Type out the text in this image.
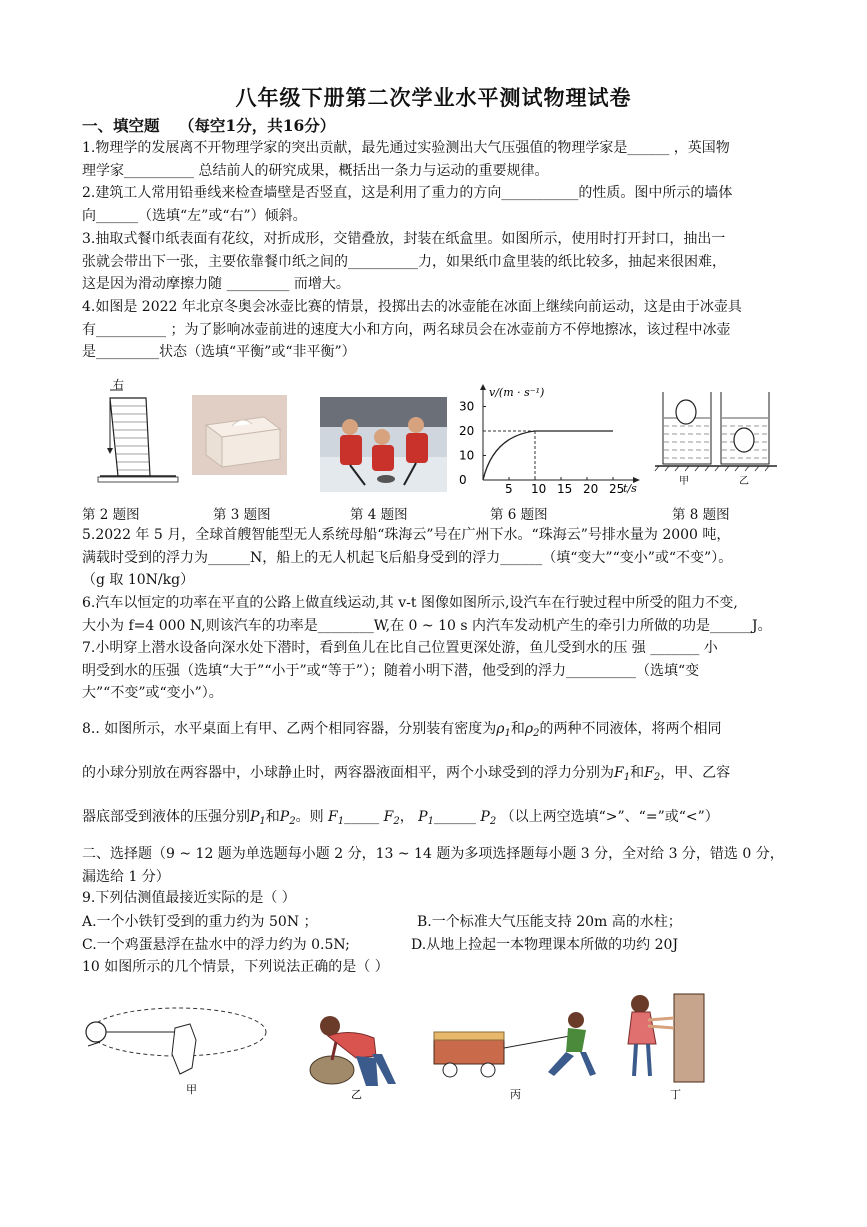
八年级下册第二次学业水平测试物理试卷
一、填空题 （每空1分，共16分）
1.物理学的发展离不开物理学家的突出贡献，最先通过实验测出大气压强值的物理学家是______ ，英国物
理学家__________ 总结前人的研究成果，概括出一条力与运动的重要规律。
2.建筑工人常用铅垂线来检查墙壁是否竖直，这是利用了重力的方向___________的性质。图中所示的墙体
向______（选填“左”或“右”）倾斜。
3.抽取式餐巾纸表面有花纹，对折成形，交错叠放，封装在纸盒里。如图所示，使用时打开封口，抽出一
张就会带出下一张，主要依靠餐巾纸之间的__________力，如果纸巾盒里装的纸比较多，抽起来很困难，
这是因为滑动摩擦力随 _________ 而增大。
4.如图是 2022 年北京冬奥会冰壶比赛的情景，投掷出去的冰壶能在冰面上继续向前运动，这是由于冰壶具
有__________ ；为了影响冰壶前进的速度大小和方向，两名球员会在冰壶前方不停地擦冰，该过程中冰壶
是_________状态（选填“平衡”或“非平衡”）
右
v/(m · s⁻¹)
t/s
30
20
10
0
5 10 15 20 25
甲	乙
第 2 题图	第 3 题图	第 4 题图	第 6 题图	第 8 题图
5.2022 年 5 月，全球首艘智能型无人系统母船“珠海云”号在广州下水。“珠海云”号排水量为 2000 吨，
满载时受到的浮力为______N，船上的无人机起飞后船身受到的浮力______（填“变大”“变小”或“不变”）。
（g 取 10N/kg）
6.汽车以恒定的功率在平直的公路上做直线运动,其 v-t 图像如图所示,设汽车在行驶过程中所受的阻力不变,
大小为 f=4 000 N,则该汽车的功率是________W,在 0 ~ 10 s 内汽车发动机产生的牵引力所做的功是______J。
7.小明穿上潜水设备向深水处下潜时，看到鱼儿在比自己位置更深处游，鱼儿受到水的压 强 _______ 小
明受到水的压强（选填“大于”“小于”或“等于”）；随着小明下潜，他受到的浮力__________（选填“变
大”“不变”或“变小”）。
8.. 如图所示，水平桌面上有甲、乙两个相同容器，分别装有密度为$\rho_1$和$\rho_2$的两种不同液体，将两个相同
的小球分别放在两容器中，小球静止时，两容器液面相平，两个小球受到的浮力分别为$F_1$和$F_2$，甲、乙容
器底部受到液体的压强分别$P_1$和$P_2$。则 $F_1\_\_\_\_\_$ $F_2$， $P_1\_\_\_\_\_\_$ $P_2$ （以上两空选填“>”、“=”或“<”）
二、选择题（9 ~ 12 题为单选题每小题 2 分，13 ~ 14 题为多项选择题每小题 3 分，全对给 3 分，错选 0 分，
漏选给 1 分）
9.下列估测值最接近实际的是（ ）
A.一个小铁钉受到的重力约为 50N ；	B.一个标准大气压能支持 20m 高的水柱；
C.一个鸡蛋悬浮在盐水中的浮力约为 0.5N;	D.从地上捡起一本物理课本所做的功约 20J
10 如图所示的几个情景，下列说法正确的是（ ）
甲	乙	丙	丁
